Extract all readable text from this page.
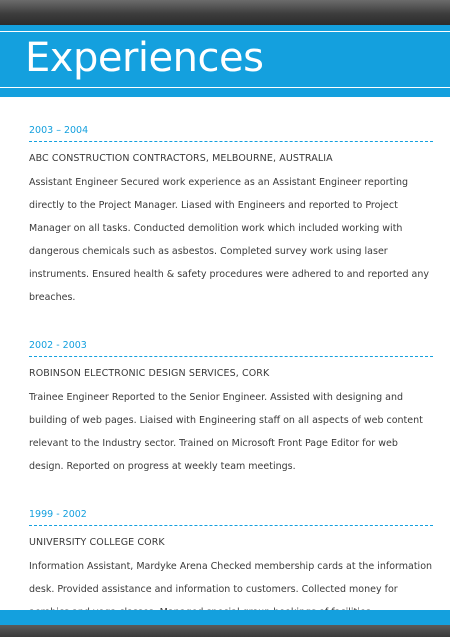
Experiences
2003 – 2004
ABC CONSTRUCTION CONTRACTORS, MELBOURNE, AUSTRALIA
Assistant Engineer Secured work experience as an Assistant Engineer reporting directly to the Project Manager. Liased with Engineers and reported to Project Manager on all tasks. Conducted demolition work which included working with dangerous chemicals such as asbestos. Completed survey work using laser instruments. Ensured health & safety procedures were adhered to and reported any breaches.
2002 - 2003
ROBINSON ELECTRONIC DESIGN SERVICES, CORK
Trainee Engineer Reported to the Senior Engineer. Assisted with designing and building of web pages. Liaised with Engineering staff on all aspects of web content relevant to the Industry sector. Trained on Microsoft Front Page Editor for web design. Reported on progress at weekly team meetings.
1999 - 2002
UNIVERSITY COLLEGE CORK
Information Assistant, Mardyke Arena Checked membership cards at the information desk. Provided assistance and information to customers. Collected money for
